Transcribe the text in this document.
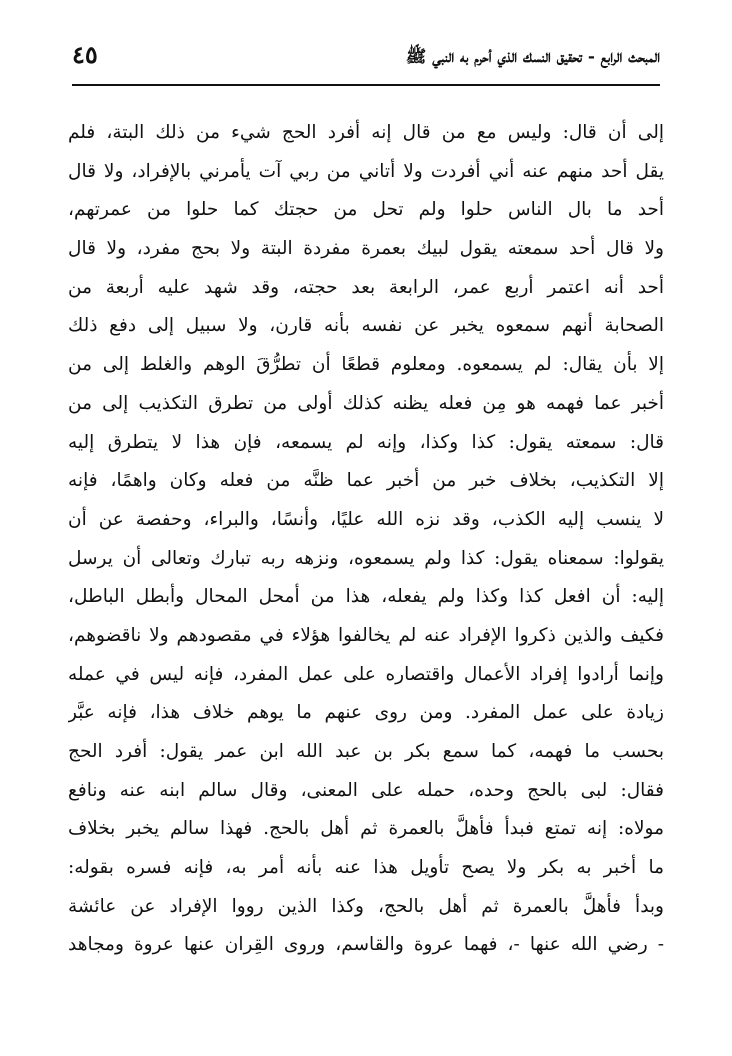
المبحث الرابع - تحقيق النسك الذي أحرم به النبي ﷺ
٤٥
إلى أن قال: وليس مع من قال إنه أفرد الحج شيء من ذلك البتة، فلم
يقل أحد منهم عنه أني أفردت ولا أتاني من ربي آت يأمرني بالإفراد، ولا قال
أحد ما بال الناس حلوا ولم تحل من حجتك كما حلوا من عمرتهم،
ولا قال أحد سمعته يقول لبيك بعمرة مفردة البتة ولا بحج مفرد، ولا قال
أحد أنه اعتمر أربع عمر، الرابعة بعد حجته، وقد شهد عليه أربعة من
الصحابة أنهم سمعوه يخبر عن نفسه بأنه قارن، ولا سبيل إلى دفع ذلك
إلا بأن يقال: لم يسمعوه. ومعلوم قطعًا أن تطرُّقَ الوهم والغلط إلى من
أخبر عما فهمه هو مِن فعله يظنه كذلك أولى من تطرق التكذيب إلى من
قال: سمعته يقول: كذا وكذا، وإنه لم يسمعه، فإن هذا لا يتطرق إليه
إلا التكذيب، بخلاف خبر من أخبر عما ظنَّه من فعله وكان واهمًا، فإنه
لا ينسب إليه الكذب، وقد نزه الله عليًا، وأنسًا، والبراء، وحفصة عن أن
يقولوا: سمعناه يقول: كذا ولم يسمعوه، ونزهه ربه تبارك وتعالى أن يرسل
إليه: أن افعل كذا وكذا ولم يفعله، هذا من أمحل المحال وأبطل الباطل،
فكيف والذين ذكروا الإفراد عنه لم يخالفوا هؤلاء في مقصودهم ولا ناقضوهم،
وإنما أرادوا إفراد الأعمال واقتصاره على عمل المفرد، فإنه ليس في عمله
زيادة على عمل المفرد. ومن روى عنهم ما يوهم خلاف هذا، فإنه عبَّر
بحسب ما فهمه، كما سمع بكر بن عبد الله ابن عمر يقول: أفرد الحج
فقال: لبى بالحج وحده، حمله على المعنى، وقال سالم ابنه عنه ونافع
مولاه: إنه تمتع فبدأ فأهلَّ بالعمرة ثم أهل بالحج. فهذا سالم يخبر بخلاف
ما أخبر به بكر ولا يصح تأويل هذا عنه بأنه أمر به، فإنه فسره بقوله:
وبدأ فأهلَّ بالعمرة ثم أهل بالحج، وكذا الذين رووا الإفراد عن عائشة
- رضي الله عنها -، فهما عروة والقاسم، وروى القِران عنها عروة ومجاهد
